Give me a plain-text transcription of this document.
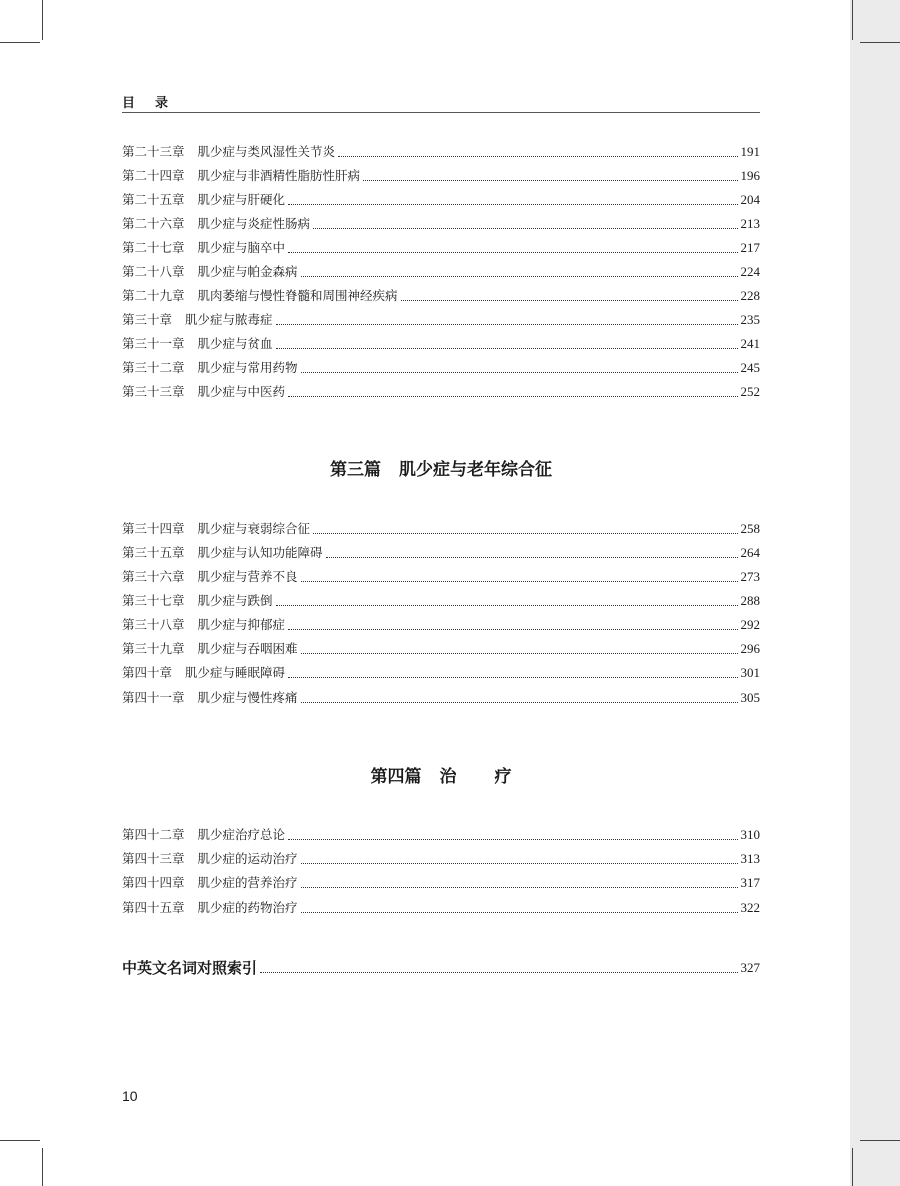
目 录
第二十三章 肌少症与类风湿性关节炎	191
第二十四章 肌少症与非酒精性脂肪性肝病	196
第二十五章 肌少症与肝硬化	204
第二十六章 肌少症与炎症性肠病	213
第二十七章 肌少症与脑卒中	217
第二十八章 肌少症与帕金森病	224
第二十九章 肌肉萎缩与慢性脊髓和周围神经疾病	228
第三十章 肌少症与脓毒症	235
第三十一章 肌少症与贫血	241
第三十二章 肌少症与常用药物	245
第三十三章 肌少症与中医药	252
第三篇 肌少症与老年综合征
第三十四章 肌少症与衰弱综合征	258
第三十五章 肌少症与认知功能障碍	264
第三十六章 肌少症与营养不良	273
第三十七章 肌少症与跌倒	288
第三十八章 肌少症与抑郁症	292
第三十九章 肌少症与吞咽困难	296
第四十章 肌少症与睡眠障碍	301
第四十一章 肌少症与慢性疼痛	305
第四篇 治 疗
第四十二章 肌少症治疗总论	310
第四十三章 肌少症的运动治疗	313
第四十四章 肌少症的营养治疗	317
第四十五章 肌少症的药物治疗	322
中英文名词对照索引	327
10
